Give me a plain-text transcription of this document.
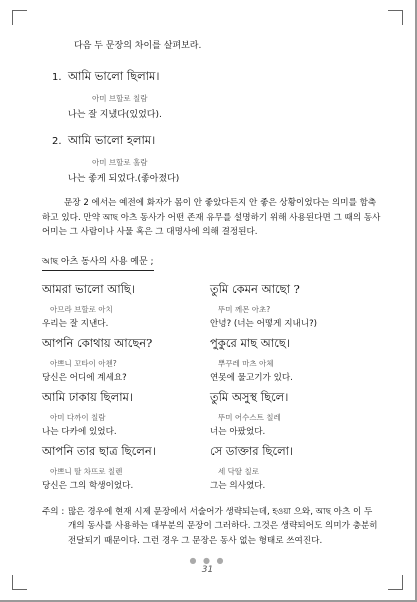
다음 두 문장의 차이를 살펴보라.
1. আমি ভালো ছিলাম।
아미 브할로 칠람
나는 잘 지냈다(있었다).
2. আমি ভালো হলাম।
아미 브할로 홀람
나는 좋게 되었다.(좋아졌다)
문장 2 에서는 예전에 화자가 몸이 안 좋았다든지 안 좋은 상황이었다는 의미를 함축하고 있다. 만약 আছ 아츠 동사가 어떤 존재 유무를 설명하기 위해 사용된다면 그 때의 동사 어미는 그 사람이나 사물 혹은 그 대명사에 의해 결정된다.
আছ 아츠 동사의 사용 예문 ;
আমরা ভালো আছি।
아므라 브할로 아치
우리는 잘 지낸다.
তুমি কেমন আছো ?
뚜미 께몬 아초?
안녕? (너는 어떻게 지내니?)
আপনি কোথায় আছেন?
아쁘니 꼬타이 아첸?
당신은 어디에 계세요?
পুকুরে মাছ আছে।
뿌꾸레 마츠 아체
연못에 물고기가 있다.
আমি ঢাকায় ছিলাম।
아미 다까이 칠람
나는 다카에 있었다.
তুমি অসুস্থ ছিলে।
뚜미 어수스트 칠레
너는 아팠었다.
আপনি তার ছাত্র ছিলেন।
아쁘니 딸 차뜨로 칠렌
당신은 그의 학생이었다.
সে ডাক্তার ছিলো।
세 닥딸 칠로
그는 의사였다.
주의 : 많은 경우에 현재 시제 문장에서 서술어가 생략되는데, হওয়া 으와, আছ 아츠 이 두 개의 동사를 사용하는 대부분의 문장이 그러하다. 그것은 생략되어도 의미가 충분히 전달되기 때문이다. 그런 경우 그 문장은 동사 없는 형태로 쓰여진다.
● ● ●
31
